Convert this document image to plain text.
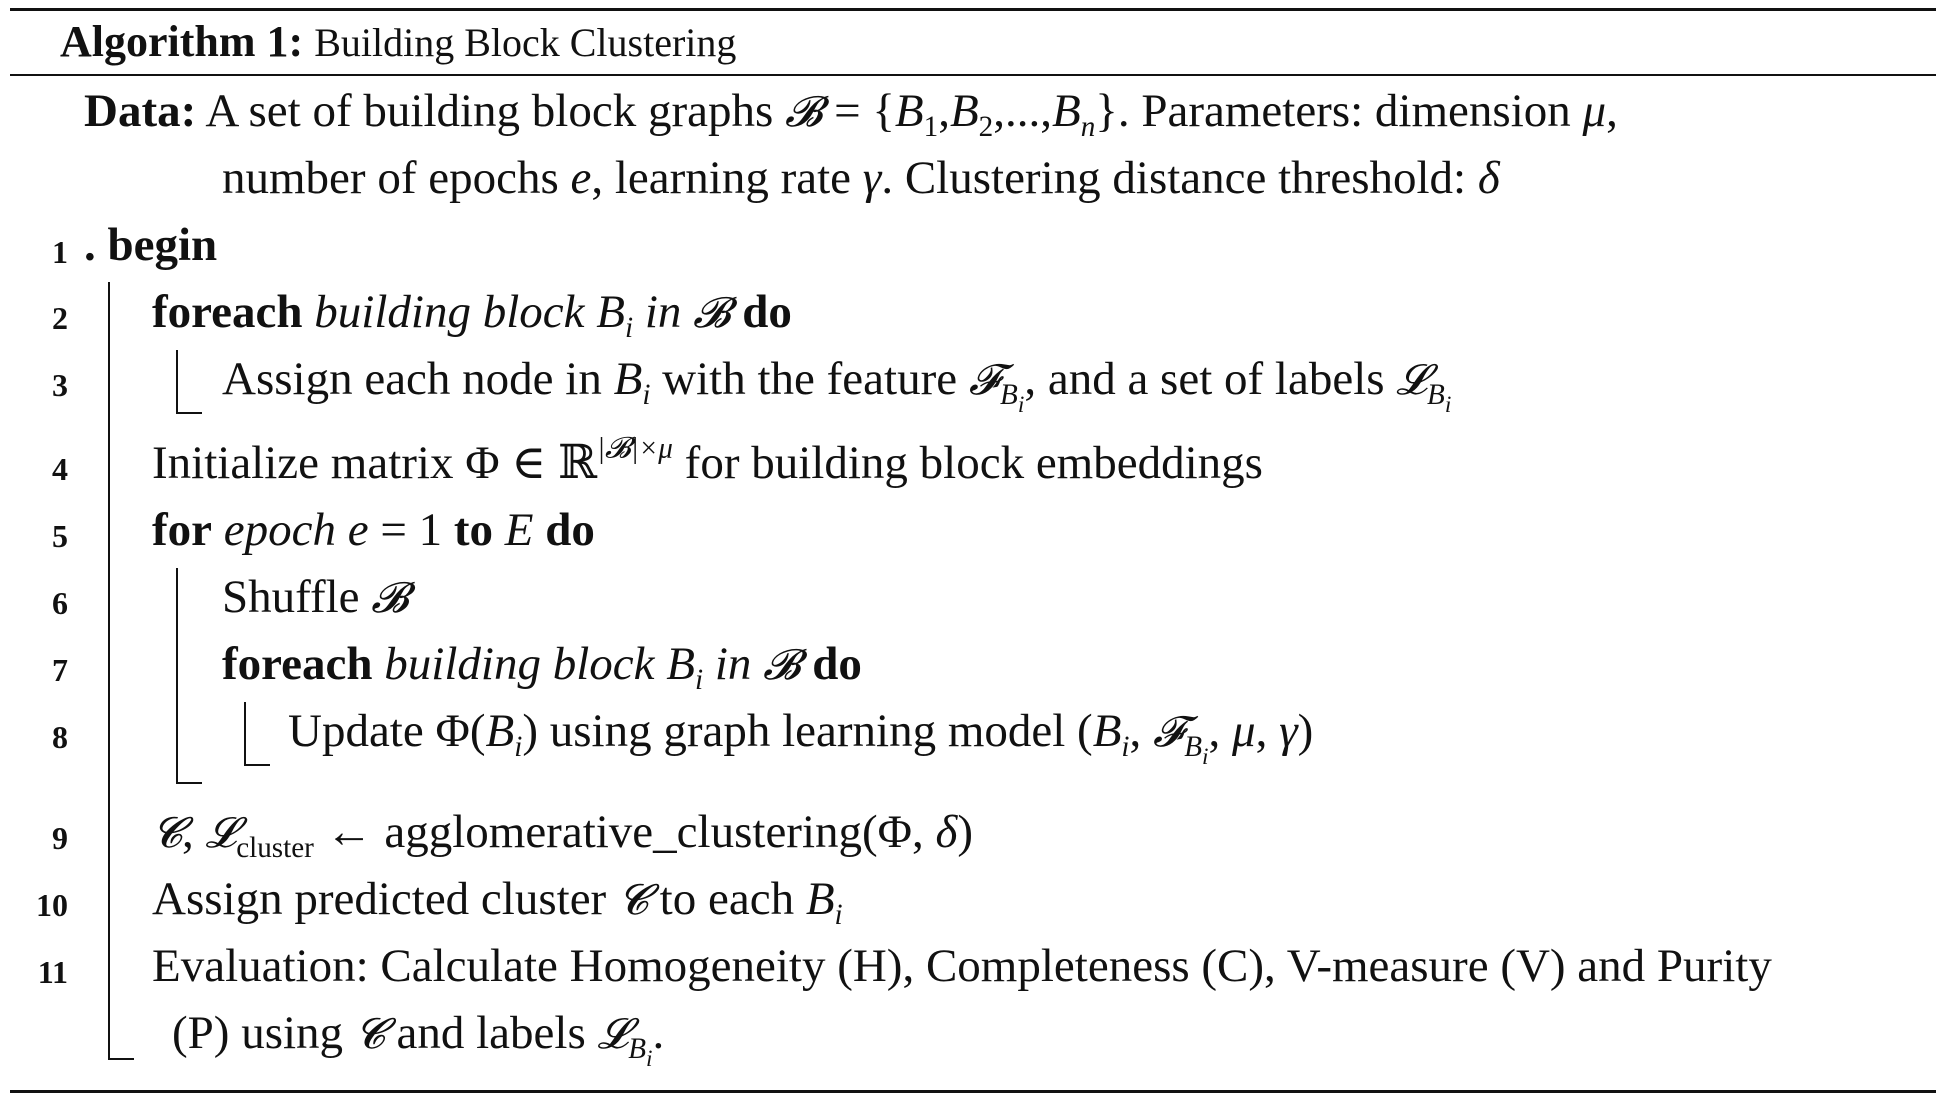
Algorithm 1: Building Block Clustering
Data: A set of building block graphs 𝓑 = $\{B_1,B_2,...,B_n\}$. Parameters: dimension μ,
number of epochs e, learning rate γ. Clustering distance threshold: δ
1 . begin
2 foreach building block $B_i$ in 𝓑 do
3	Assign each node in $B_i$ with the feature 𝓕$_{B_i}$, and a set of labels 𝓛$_{B_i}$
4 Initialize matrix Φ ∈ ℝ$^{|𝓑|\times\mu}$ for building block embeddings
5 for epoch e = 1 to E do
6	Shuffle 𝓑
7	foreach building block $B_i$ in 𝓑 do
8	Update $\Phi(B_i)$ using graph learning model ($B_i$, 𝓕$_{B_i}$, μ, γ)
9 𝓒, 𝓛$_{cluster}$ ← agglomerative_clustering(Φ, δ)
10 Assign predicted cluster 𝓒 to each $B_i$
11 Evaluation: Calculate Homogeneity (H), Completeness (C), V-measure (V) and Purity
(P) using 𝓒 and labels 𝓛$_{B_i}$.
